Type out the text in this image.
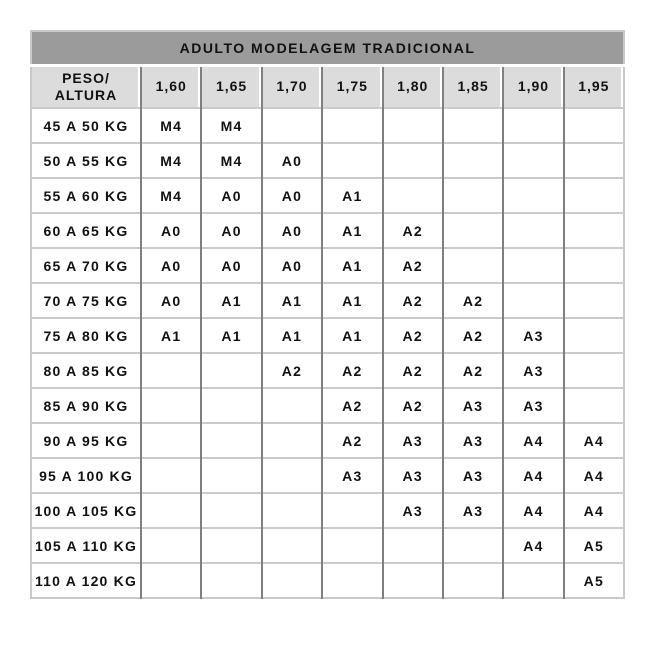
ADULTO MODELAGEM TRADICIONAL								
PESO/
ALTURA	1,60	1,65	1,70	1,75	1,80	1,85	1,90	1,95
45 A 50 KG	M4	M4						
50 A 55 KG	M4	M4	A0					
55 A 60 KG	M4	A0	A0	A1				
60 A 65 KG	A0	A0	A0	A1	A2			
65 A 70 KG	A0	A0	A0	A1	A2			
70 A 75 KG	A0	A1	A1	A1	A2	A2		
75 A 80 KG	A1	A1	A1	A1	A2	A2	A3	
80 A 85 KG			A2	A2	A2	A2	A3	
85 A 90 KG				A2	A2	A3	A3	
90 A 95 KG				A2	A3	A3	A4	A4
95 A 100 KG				A3	A3	A3	A4	A4
100 A 105 KG					A3	A3	A4	A4
105 A 110 KG							A4	A5
110 A 120 KG								A5
